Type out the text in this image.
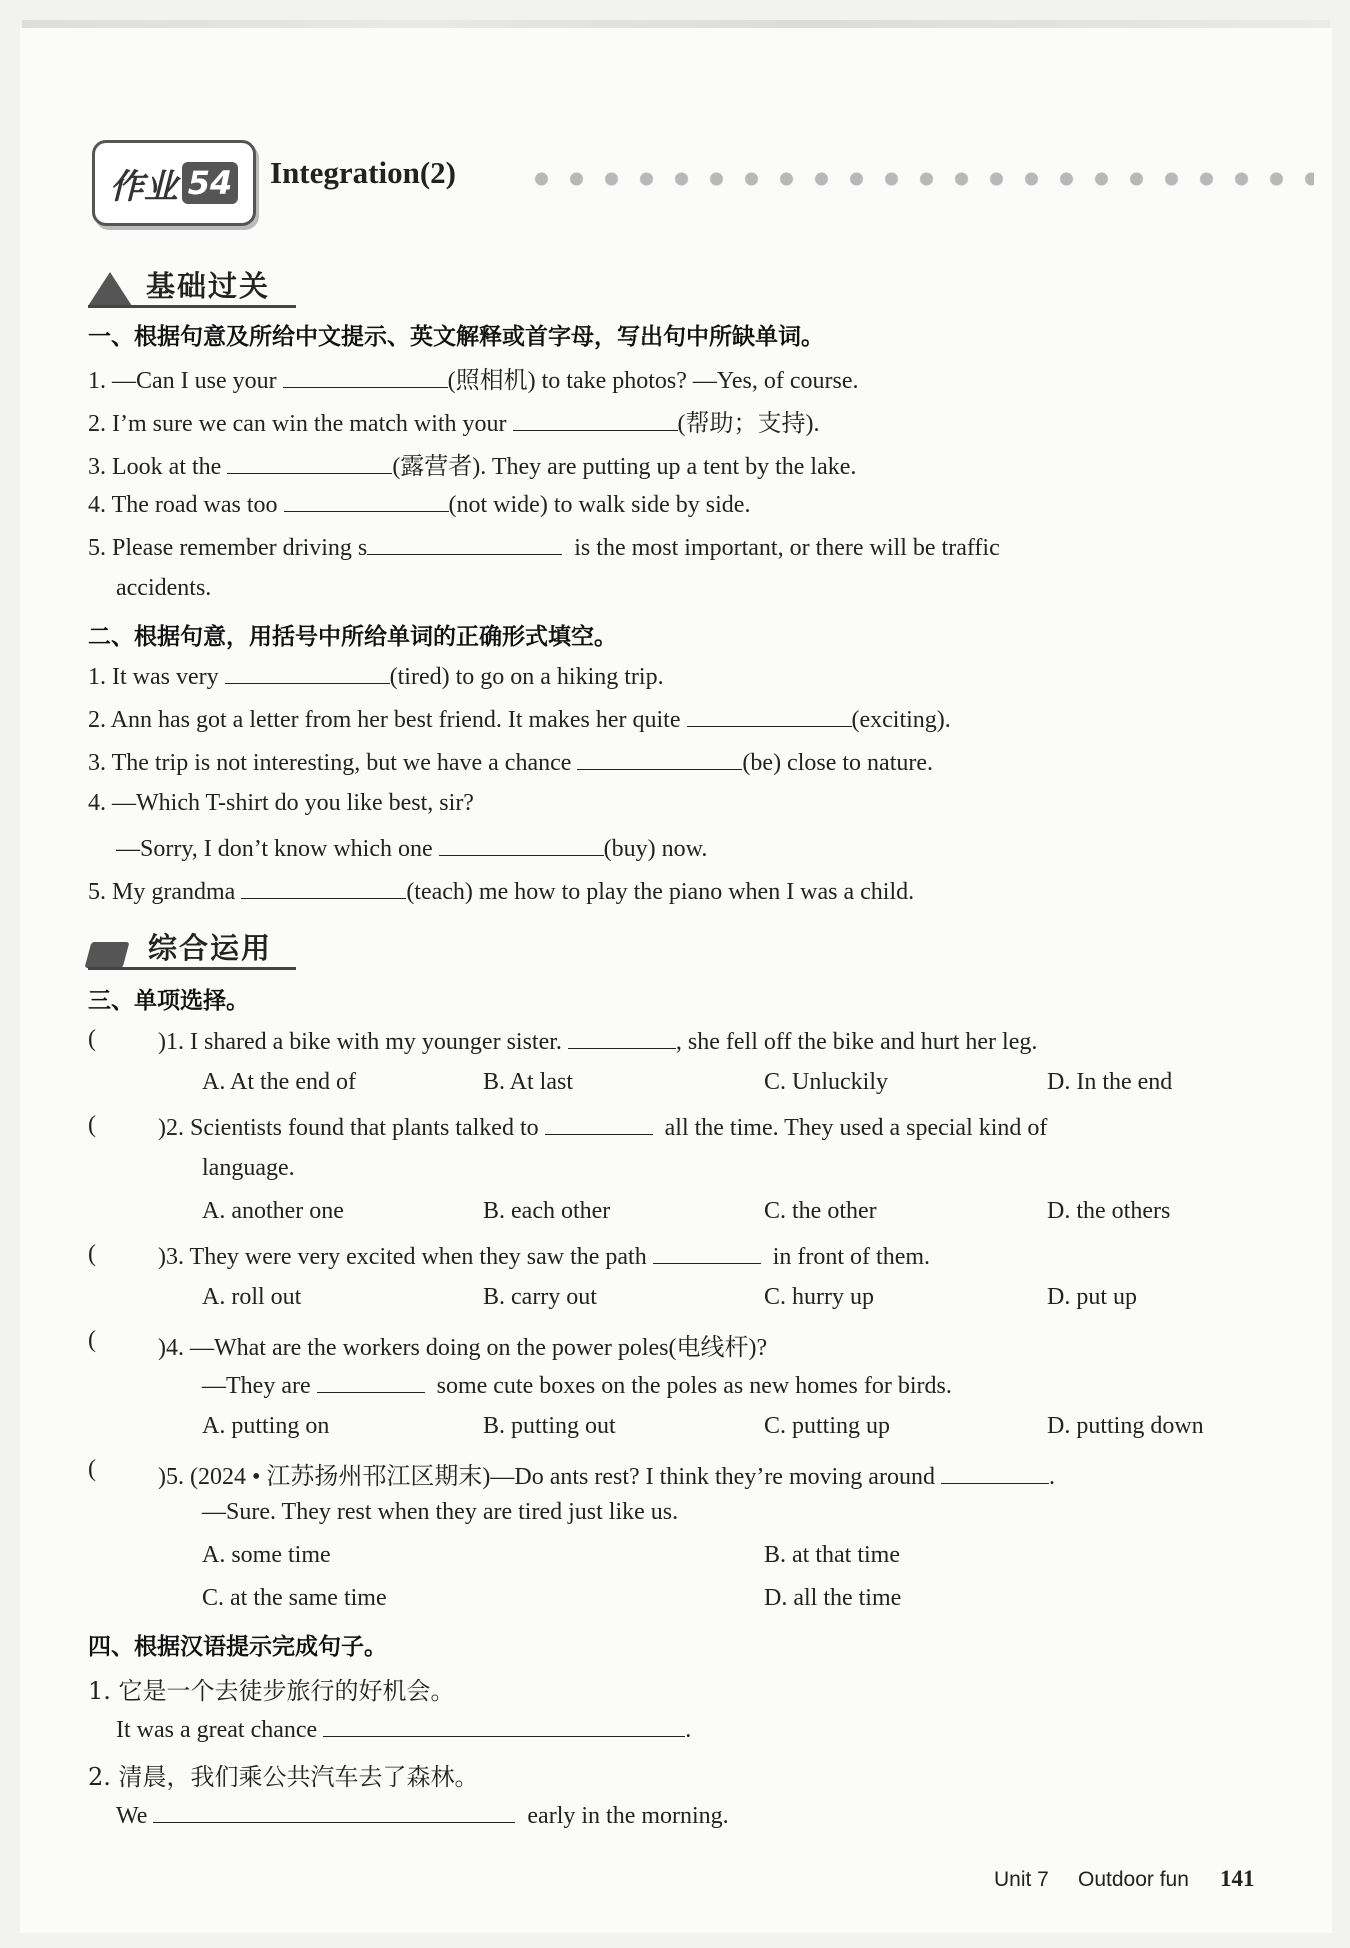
作业 54 Integration(2)
基础过关
一、根据句意及所给中文提示、英文解释或首字母，写出句中所缺单词。
1. —Can I use your	(照相机) to take photos? —Yes, of course.
2. I’m sure we can win the match with your	(帮助；支持).
3. Look at the	(露营者). They are putting up a tent by the lake.
4. The road was too	(not wide) to walk side by side.
5. Please remember driving s	is the most important, or there will be traffic
accidents.
二、根据句意，用括号中所给单词的正确形式填空。
1. It was very	(tired) to go on a hiking trip.
2. Ann has got a letter from her best friend. It makes her quite	(exciting).
3. The trip is not interesting, but we have a chance	(be) close to nature.
4. —Which T-shirt do you like best, sir?
—Sorry, I don’t know which one	(buy) now.
5. My grandma	(teach) me how to play the piano when I was a child.
综合运用
三、单项选择。
(	)1. I shared a bike with my younger sister.	, she fell off the bike and hurt her leg.
A. At the end of	B. At last	C. Unluckily	D. In the end
(	)2. Scientists found that plants talked to	all the time. They used a special kind of
language.
A. another one	B. each other	C. the other	D. the others
(	)3. They were very excited when they saw the path	in front of them.
A. roll out	B. carry out	C. hurry up	D. put up
(	)4. —What are the workers doing on the power poles(电线杆)?
—They are	some cute boxes on the poles as new homes for birds.
A. putting on	B. putting out	C. putting up	D. putting down
(	)5. (2024 • 江苏扬州邗江区期末)—Do ants rest? I think they’re moving around	.
—Sure. They rest when they are tired just like us.
A. some time	B. at that time
C. at the same time	D. all the time
四、根据汉语提示完成句子。
1. 它是一个去徒步旅行的好机会。
It was a great chance	.
2. 清晨，我们乘公共汽车去了森林。
We	early in the morning.
Unit 7 Outdoor fun 141
